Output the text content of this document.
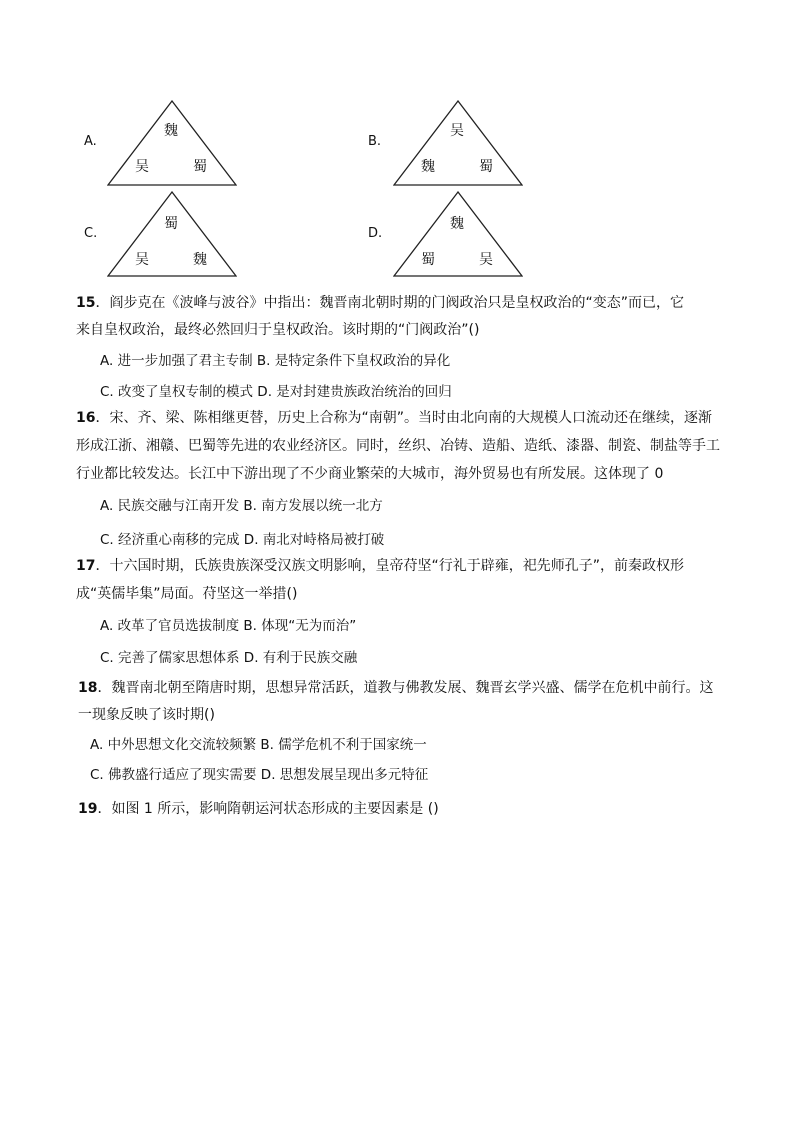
A.
魏
吴	蜀
B.
吴
魏	蜀
C.
蜀
吴	魏
D.
魏
蜀	吴
15．阎步克在《波峰与波谷》中指出：魏晋南北朝时期的门阀政治只是皇权政治的“变态”而已，它
来自皇权政治，最终必然回归于皇权政治。该时期的“门阀政治”()
A. 进一步加强了君主专制 B. 是特定条件下皇权政治的异化
C. 改变了皇权专制的模式 D. 是对封建贵族政治统治的回归
16．宋、齐、梁、陈相继更替，历史上合称为“南朝”。当时由北向南的大规模人口流动还在继续，逐渐
形成江浙、湘赣、巴蜀等先进的农业经济区。同时，丝织、冶铸、造船、造纸、漆器、制瓷、制盐等手工
行业都比较发达。长江中下游出现了不少商业繁荣的大城市，海外贸易也有所发展。这体现了 0
A. 民族交融与江南开发 B. 南方发展以统一北方
C. 经济重心南移的完成 D. 南北对峙格局被打破
17．十六国时期，氏族贵族深受汉族文明影响，皇帝苻坚“行礼于辟雍，祀先师孔子”，前秦政权形
成“英儒毕集”局面。苻坚这一举措()
A. 改革了官员选拔制度 B. 体现“无为而治”
C. 完善了儒家思想体系 D. 有利于民族交融
18．魏晋南北朝至隋唐时期，思想异常活跃，道教与佛教发展、魏晋玄学兴盛、儒学在危机中前行。这
一现象反映了该时期()
A. 中外思想文化交流较频繁 B. 儒学危机不利于国家统一
C. 佛教盛行适应了现实需要 D. 思想发展呈现出多元特征
19．如图 1 所示，影响隋朝运河状态形成的主要因素是 ()
